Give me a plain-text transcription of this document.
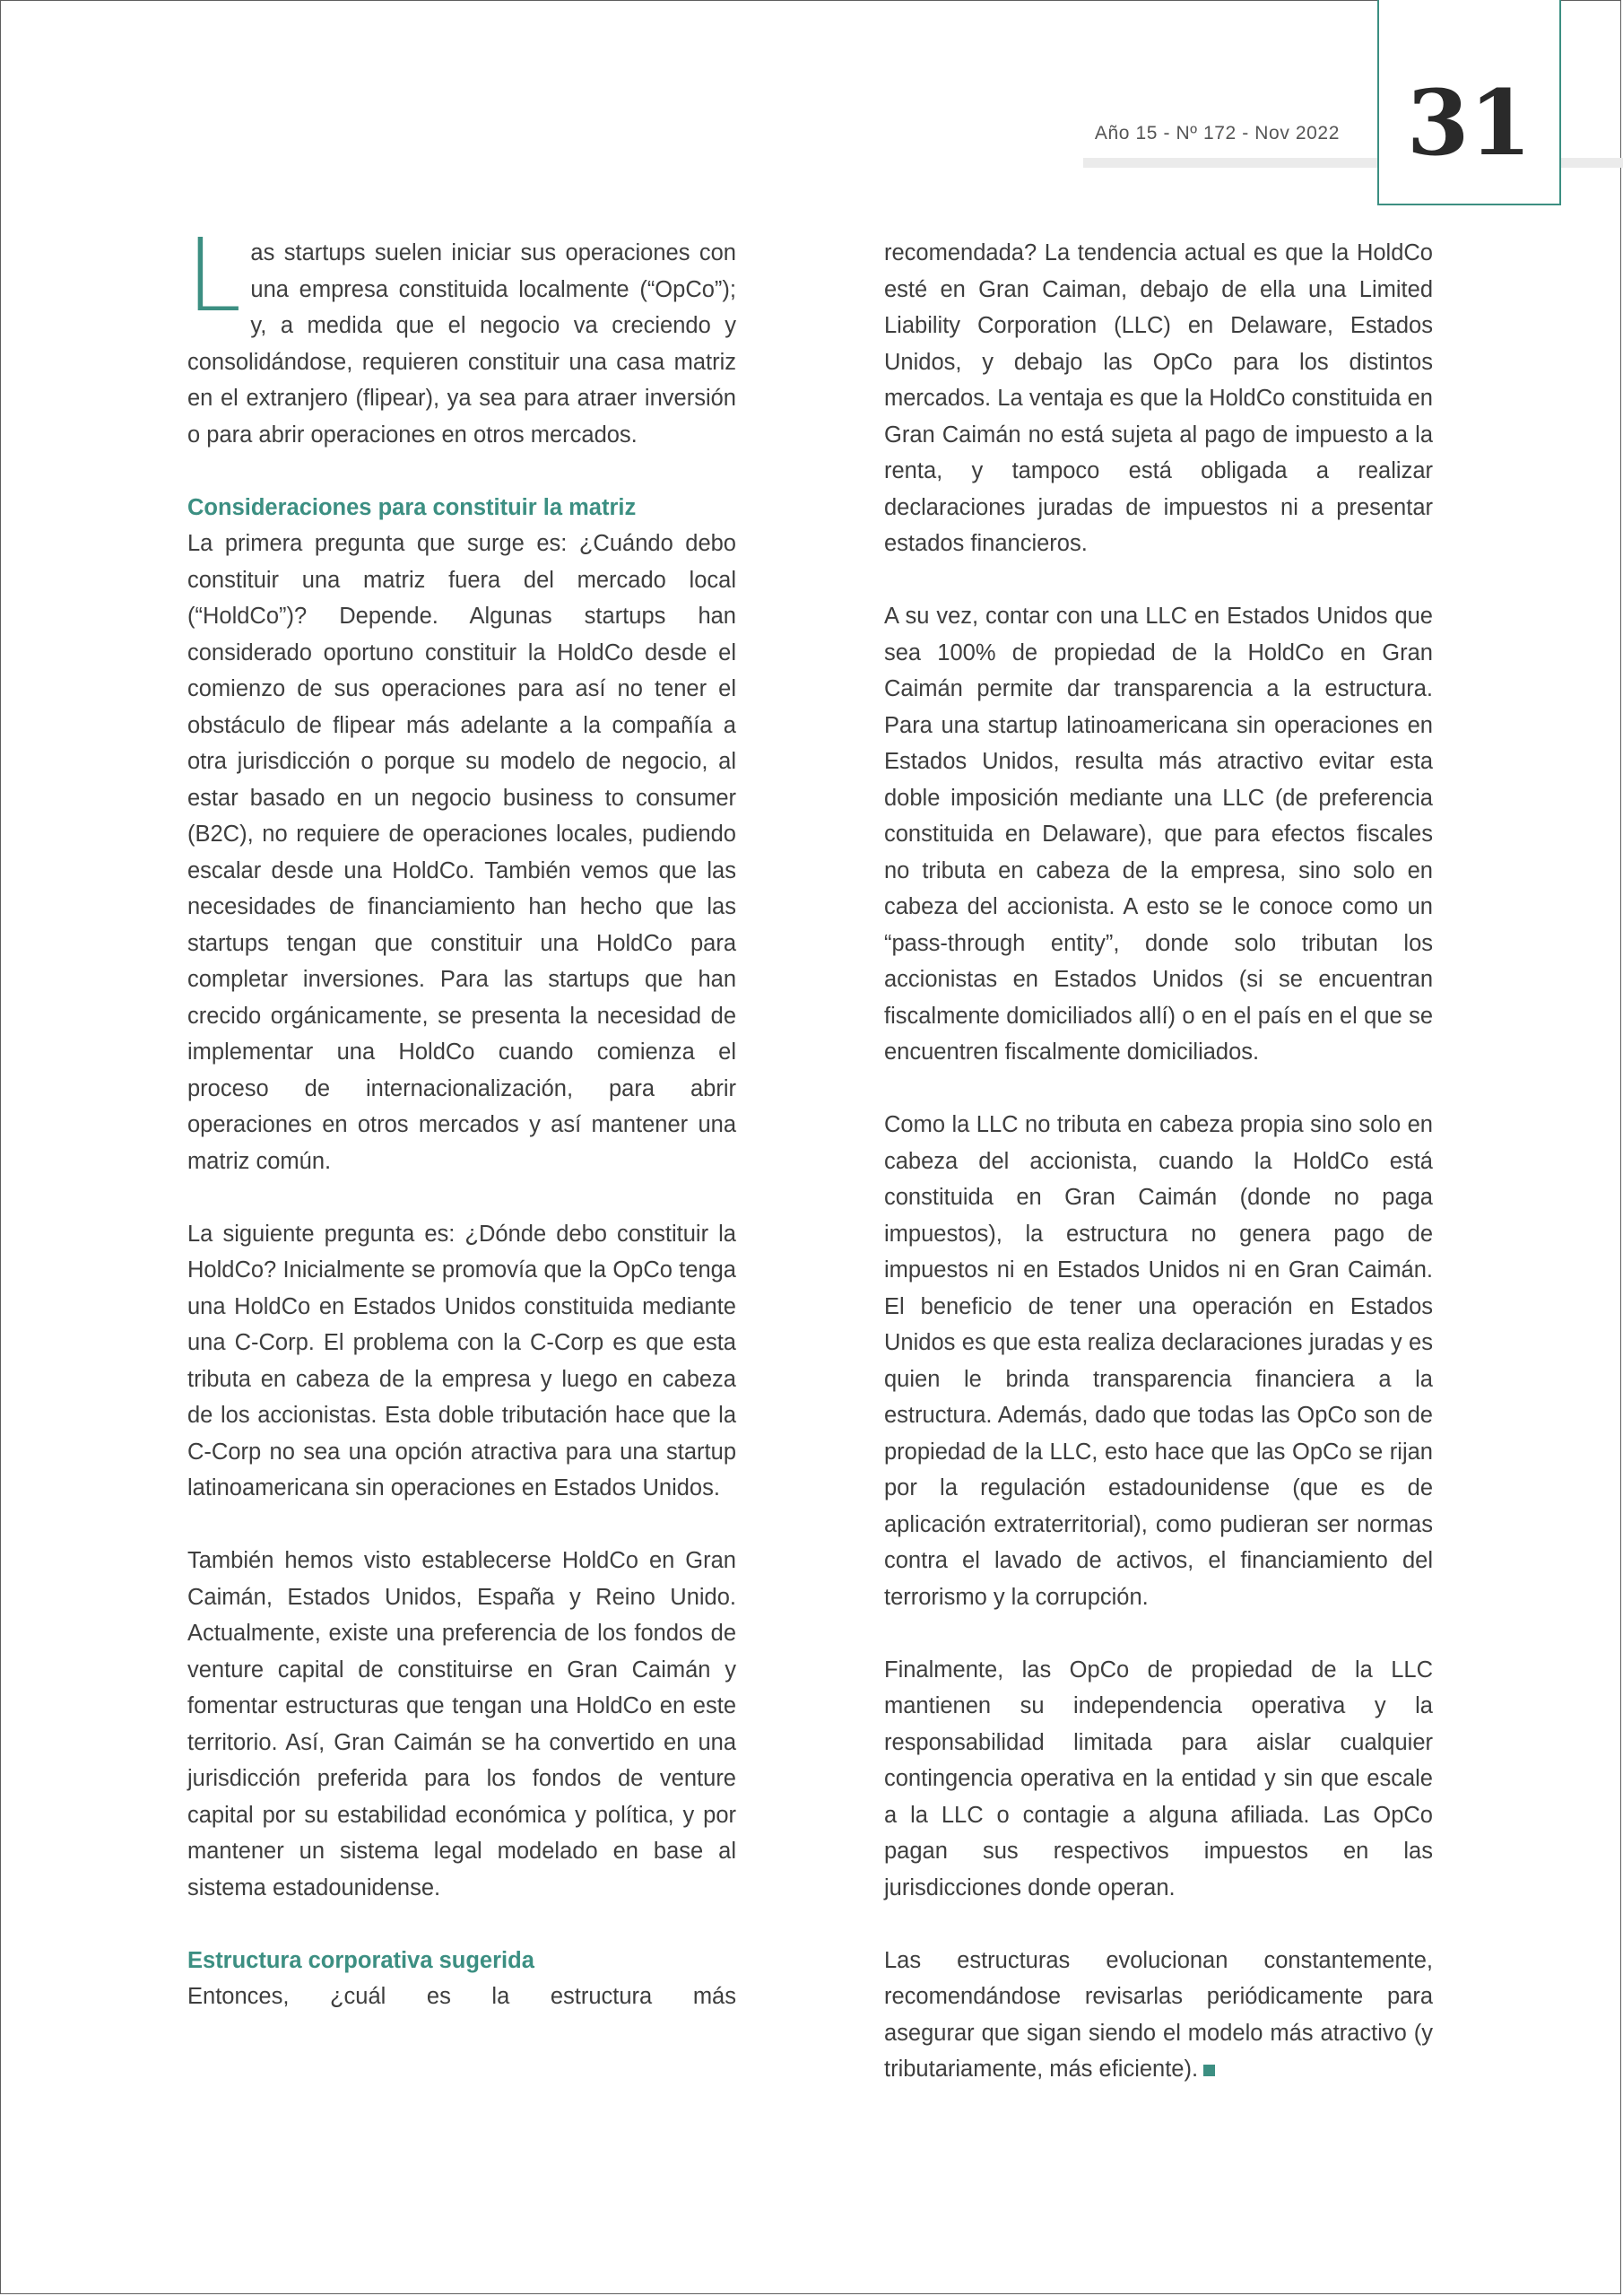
Año 15 - Nº 172 - Nov 2022 31

Las startups suelen iniciar sus operaciones con una empresa constituida localmente (“OpCo”); y, a medida que el negocio va creciendo y consolidándose, requieren constituir una casa matriz en el extranjero (flipear), ya sea para atraer inversión o para abrir operaciones en otros mercados.

Consideraciones para constituir la matriz

La primera pregunta que surge es: ¿Cuándo debo constituir una matriz fuera del mercado local (“HoldCo”)? Depende. Algunas startups han considerado oportuno constituir la HoldCo desde el comienzo de sus operaciones para así no tener el obstáculo de flipear más adelante a la compañía a otra jurisdicción o porque su modelo de negocio, al estar basado en un negocio business to consumer (B2C), no requiere de operaciones locales, pudiendo escalar desde una HoldCo. También vemos que las necesidades de financiamiento han hecho que las startups tengan que constituir una HoldCo para completar inversiones. Para las startups que han crecido orgánicamente, se presenta la necesidad de implementar una HoldCo cuando comienza el proceso de internacionalización, para abrir operaciones en otros mercados y así mantener una matriz común.

La siguiente pregunta es: ¿Dónde debo constituir la HoldCo? Inicialmente se promovía que la OpCo tenga una HoldCo en Estados Unidos constituida mediante una C-Corp. El problema con la C-Corp es que esta tributa en cabeza de la empresa y luego en cabeza de los accionistas. Esta doble tributación hace que la C-Corp no sea una opción atractiva para una startup latinoamericana sin operaciones en Estados Unidos.

También hemos visto establecerse HoldCo en Gran Caimán, Estados Unidos, España y Reino Unido. Actualmente, existe una preferencia de los fondos de venture capital de constituirse en Gran Caimán y fomentar estructuras que tengan una HoldCo en este territorio. Así, Gran Caimán se ha convertido en una jurisdicción preferida para los fondos de venture capital por su estabilidad económica y política, y por mantener un sistema legal modelado en base al sistema estadounidense.

Estructura corporativa sugerida

Entonces, ¿cuál es la estructura más

recomendada? La tendencia actual es que la HoldCo esté en Gran Caiman, debajo de ella una Limited Liability Corporation (LLC) en Delaware, Estados Unidos, y debajo las OpCo para los distintos mercados. La ventaja es que la HoldCo constituida en Gran Caimán no está sujeta al pago de impuesto a la renta, y tampoco está obligada a realizar declaraciones juradas de impuestos ni a presentar estados financieros.

A su vez, contar con una LLC en Estados Unidos que sea 100% de propiedad de la HoldCo en Gran Caimán permite dar transparencia a la estructura. Para una startup latinoamericana sin operaciones en Estados Unidos, resulta más atractivo evitar esta doble imposición mediante una LLC (de preferencia constituida en Delaware), que para efectos fiscales no tributa en cabeza de la empresa, sino solo en cabeza del accionista. A esto se le conoce como un “pass-through entity”, donde solo tributan los accionistas en Estados Unidos (si se encuentran fiscalmente domiciliados allí) o en el país en el que se encuentren fiscalmente domiciliados.

Como la LLC no tributa en cabeza propia sino solo en cabeza del accionista, cuando la HoldCo está constituida en Gran Caimán (donde no paga impuestos), la estructura no genera pago de impuestos ni en Estados Unidos ni en Gran Caimán. El beneficio de tener una operación en Estados Unidos es que esta realiza declaraciones juradas y es quien le brinda transparencia financiera a la estructura. Además, dado que todas las OpCo son de propiedad de la LLC, esto hace que las OpCo se rijan por la regulación estadounidense (que es de aplicación extraterritorial), como pudieran ser normas contra el lavado de activos, el financiamiento del terrorismo y la corrupción.

Finalmente, las OpCo de propiedad de la LLC mantienen su independencia operativa y la responsabilidad limitada para aislar cualquier contingencia operativa en la entidad y sin que escale a la LLC o contagie a alguna afiliada. Las OpCo pagan sus respectivos impuestos en las jurisdicciones donde operan.

Las estructuras evolucionan constantemente, recomendándose revisarlas periódicamente para asegurar que sigan siendo el modelo más atractivo (y tributariamente, más eficiente).
